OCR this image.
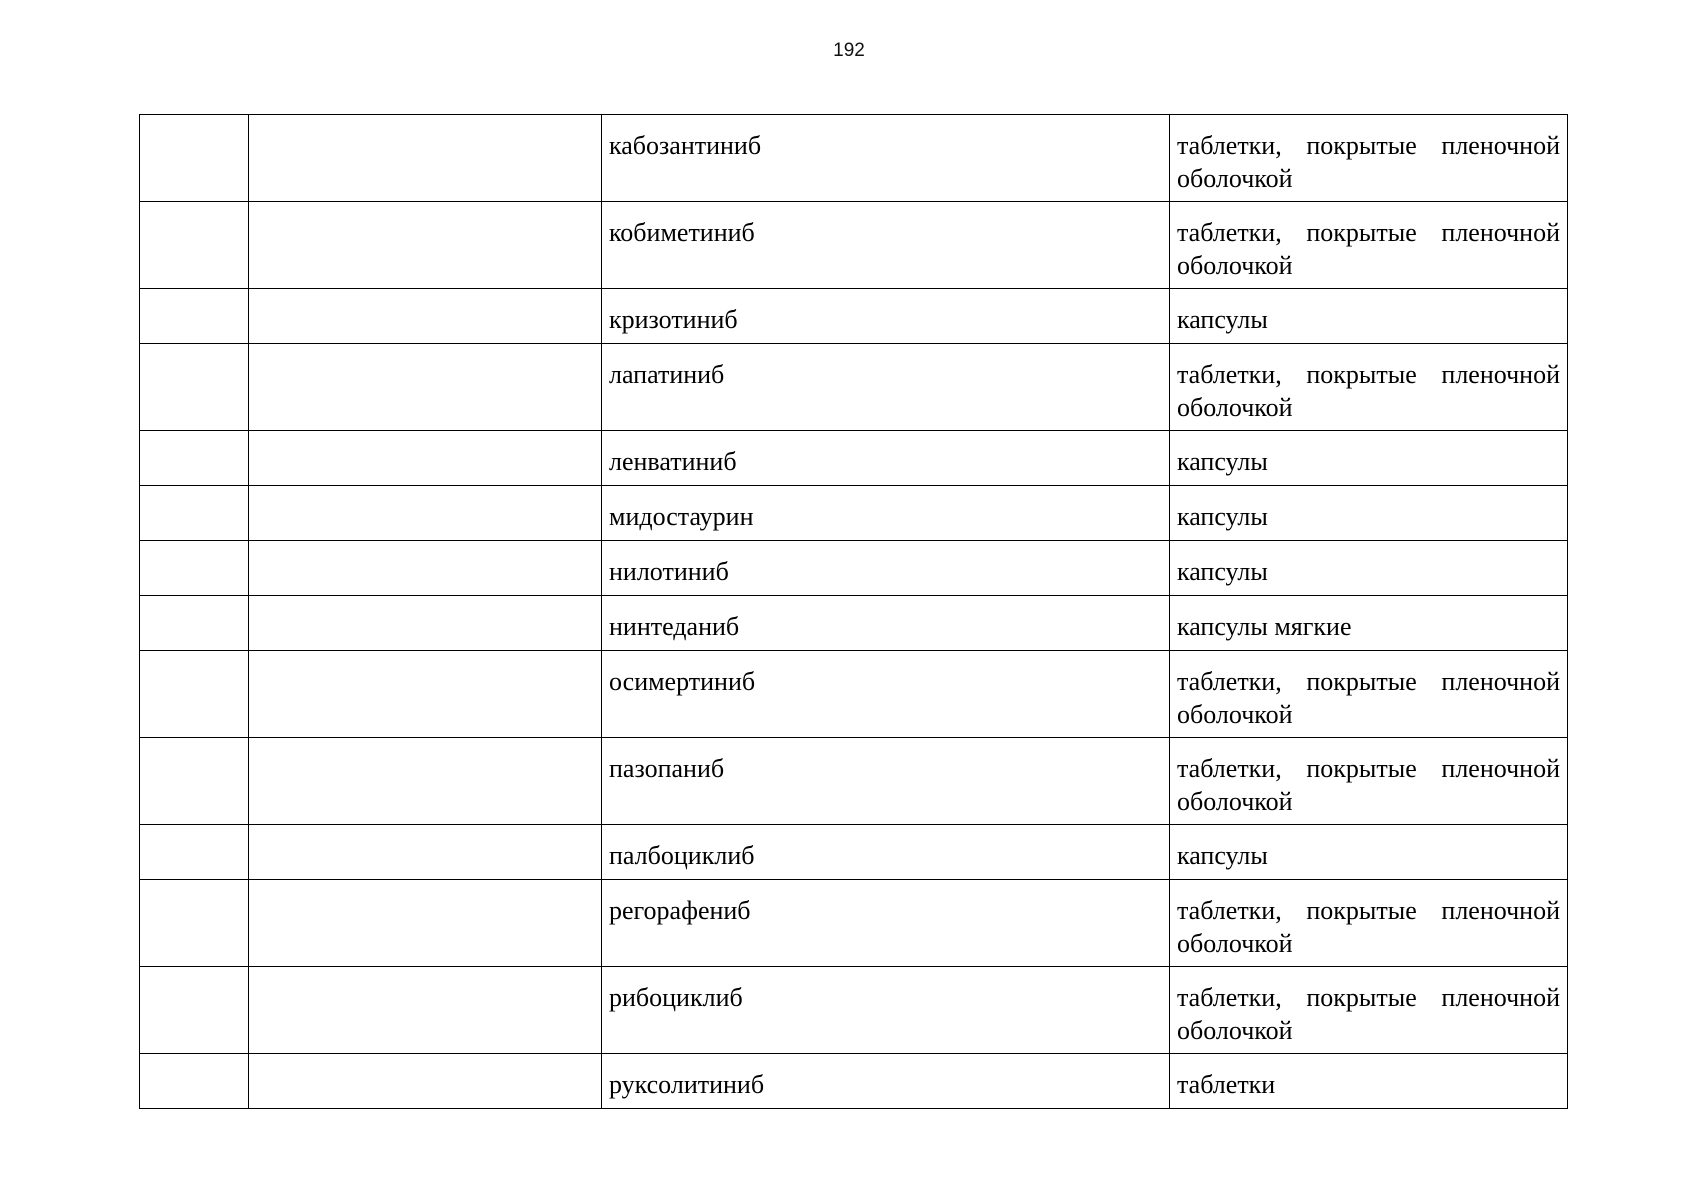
192
		кабозантиниб	таблетки, покрытые пленочной оболочкой
		кобиметиниб	таблетки, покрытые пленочной оболочкой
		кризотиниб	капсулы
		лапатиниб	таблетки, покрытые пленочной оболочкой
		ленватиниб	капсулы
		мидостаурин	капсулы
		нилотиниб	капсулы
		нинтеданиб	капсулы мягкие
		осимертиниб	таблетки, покрытые пленочной оболочкой
		пазопаниб	таблетки, покрытые пленочной оболочкой
		палбоциклиб	капсулы
		регорафениб	таблетки, покрытые пленочной оболочкой
		рибоциклиб	таблетки, покрытые пленочной оболочкой
		руксолитиниб	таблетки
